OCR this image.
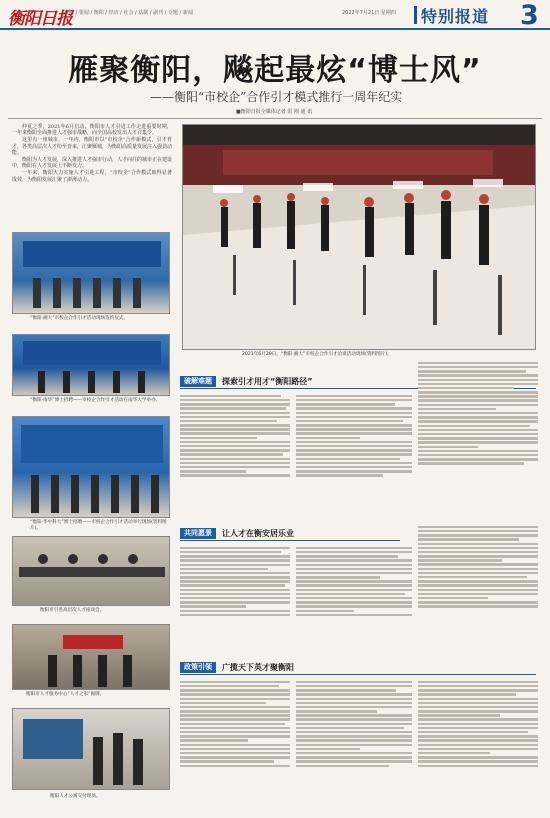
衡阳日报
首版 / 要闻 / 衡阳 / 经济 / 社会 / 法制 / 副刊 / 专题 / 新闻	2022年7月21日 星期四 特别报道 3
雁聚衡阳，飚起最炫“博士风”
——衡阳“市校企”合作引才模式推行一周年纪实
■衡阳日报全媒体记者 雷 刚 通 讯

仲夏之季，2021年6月启动，衡阳市人才引进工作走进重要时期，一年来衡阳全面推进人才强市战略，向全国高校发出人才召集令。

这里有一座城市，一年内，衡阳市以“市校企”合作新模式，引才育才，各类高层次人才纷至沓来，汇聚雁城，为衡阳高质量发展注入强劲动能。

衡阳为人才发展，深入推进人才强市行动，人才向往的城市正在建设中，衡阳在人才发展上不断发力。

一年来，衡阳大力实施人才引进工程，“市校企”合作模式取得显著成效，为衡阳发展汇聚了澎湃动力。

2021年6月29日，“衡阳·湘大”市校企合作引才洽谈活动现场(资料图片)。
“衡阳·湘大”市校企合作引才活动现场签约仪式。
“衡阳·南华”博士招聘——市校企合作引才活动在南华大学举办。
“衡阳·华中科大”博士招聘——市校企合作引才活动举行现场(资料图片)。
衡阳市引进高层次人才座谈会。
衡阳市人才服务中心“人才之家”揭牌。
衡阳人才公寓交付现场。
破解难题 探索引才用才“衡阳路径”
共同愿景 让人才在衡安居乐业
政策引领 广揽天下英才聚衡阳
